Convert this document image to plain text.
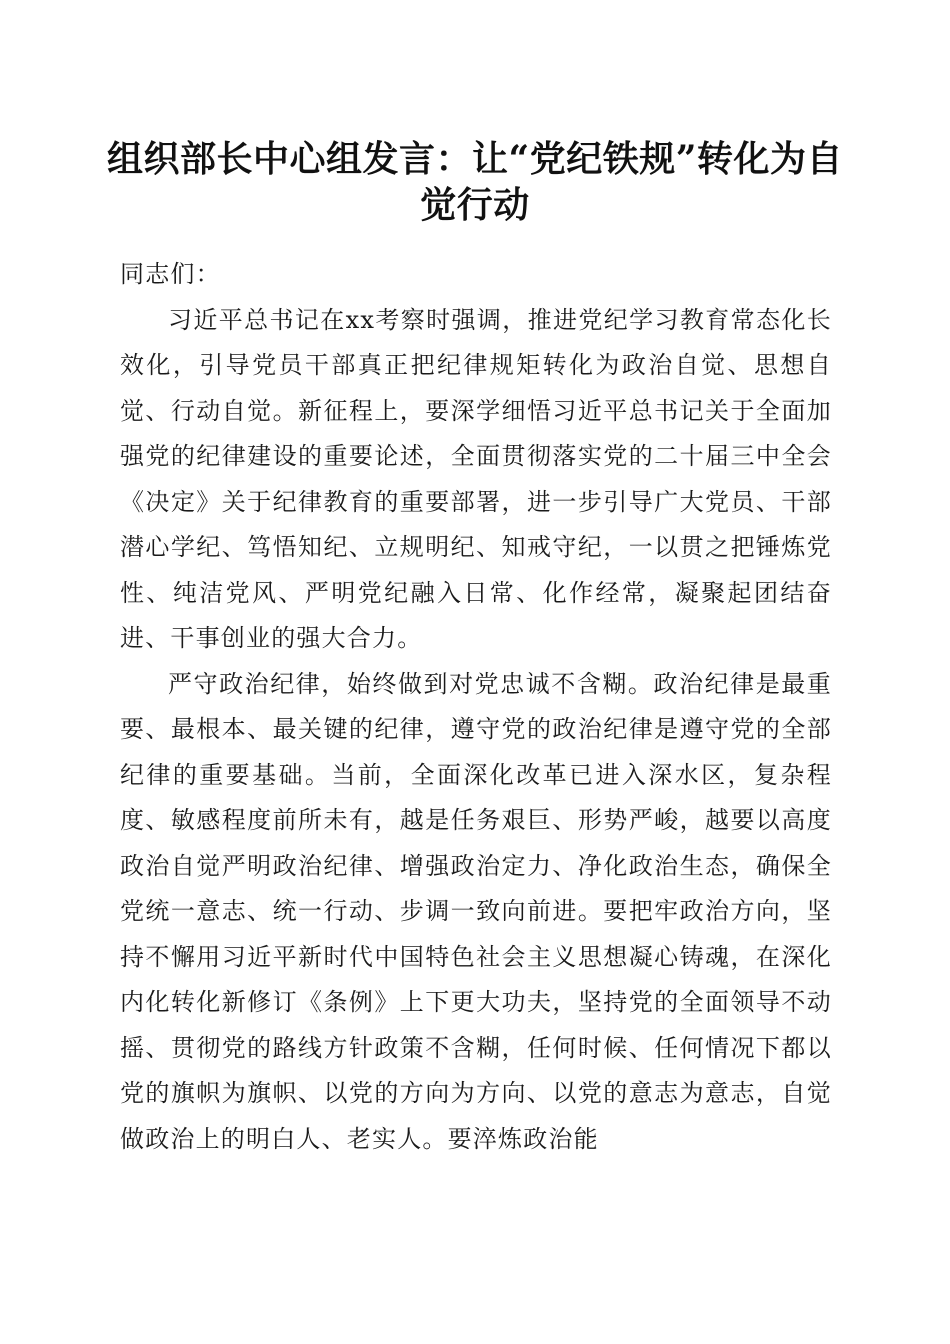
组织部长中心组发言：让“党纪铁规”转化为自觉行动

同志们：

习近平总书记在xx考察时强调，推进党纪学习教育常态化长效化，引导党员干部真正把纪律规矩转化为政治自觉、思想自觉、行动自觉。新征程上，要深学细悟习近平总书记关于全面加强党的纪律建设的重要论述，全面贯彻落实党的二十届三中全会《决定》关于纪律教育的重要部署，进一步引导广大党员、干部潜心学纪、笃悟知纪、立规明纪、知戒守纪，一以贯之把锤炼党性、纯洁党风、严明党纪融入日常、化作经常，凝聚起团结奋进、干事创业的强大合力。

严守政治纪律，始终做到对党忠诚不含糊。政治纪律是最重要、最根本、最关键的纪律，遵守党的政治纪律是遵守党的全部纪律的重要基础。当前，全面深化改革已进入深水区，复杂程度、敏感程度前所未有，越是任务艰巨、形势严峻，越要以高度政治自觉严明政治纪律、增强政治定力、净化政治生态，确保全党统一意志、统一行动、步调一致向前进。要把牢政治方向，坚持不懈用习近平新时代中国特色社会主义思想凝心铸魂，在深化内化转化新修订《条例》上下更大功夫，坚持党的全面领导不动摇、贯彻党的路线方针政策不含糊，任何时候、任何情况下都以党的旗帜为旗帜、以党的方向为方向、以党的意志为意志，自觉做政治上的明白人、老实人。要淬炼政治能
